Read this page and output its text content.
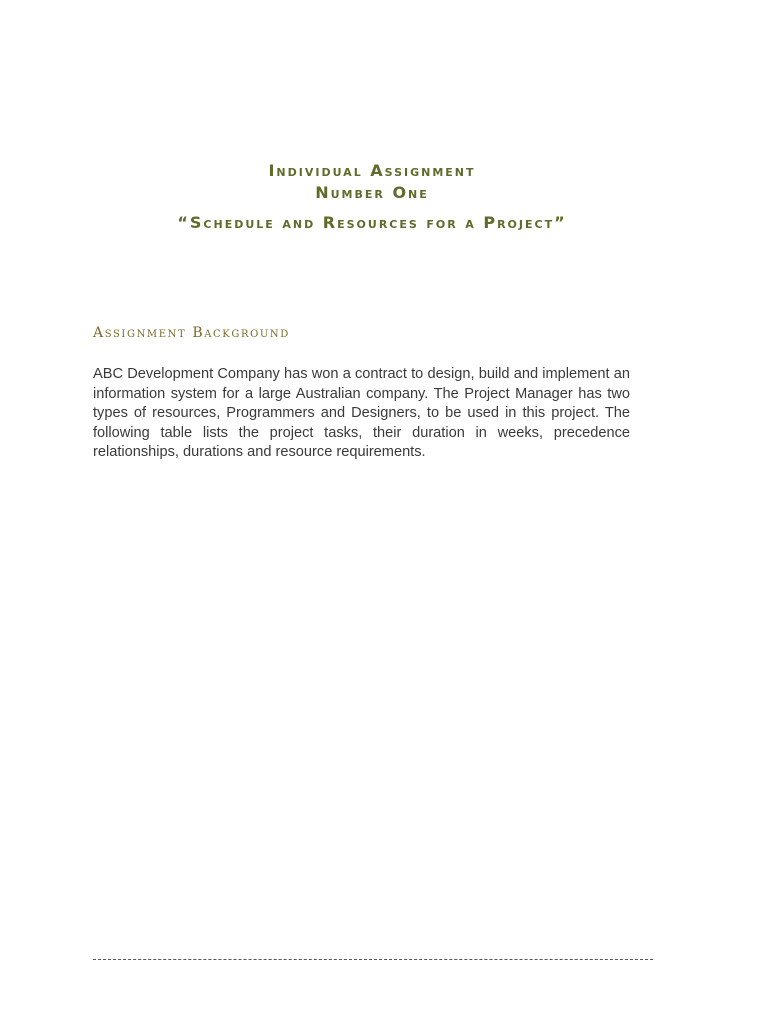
Individual Assignment
Number One
“Schedule and Resources for a Project”
Assignment Background

ABC Development Company has won a contract to design, build and implement an information system for a large Australian company. The Project Manager has two types of resources, Programmers and Designers, to be used in this project. The following table lists the project tasks, their duration in weeks, precedence relationships, durations and resource requirements.
